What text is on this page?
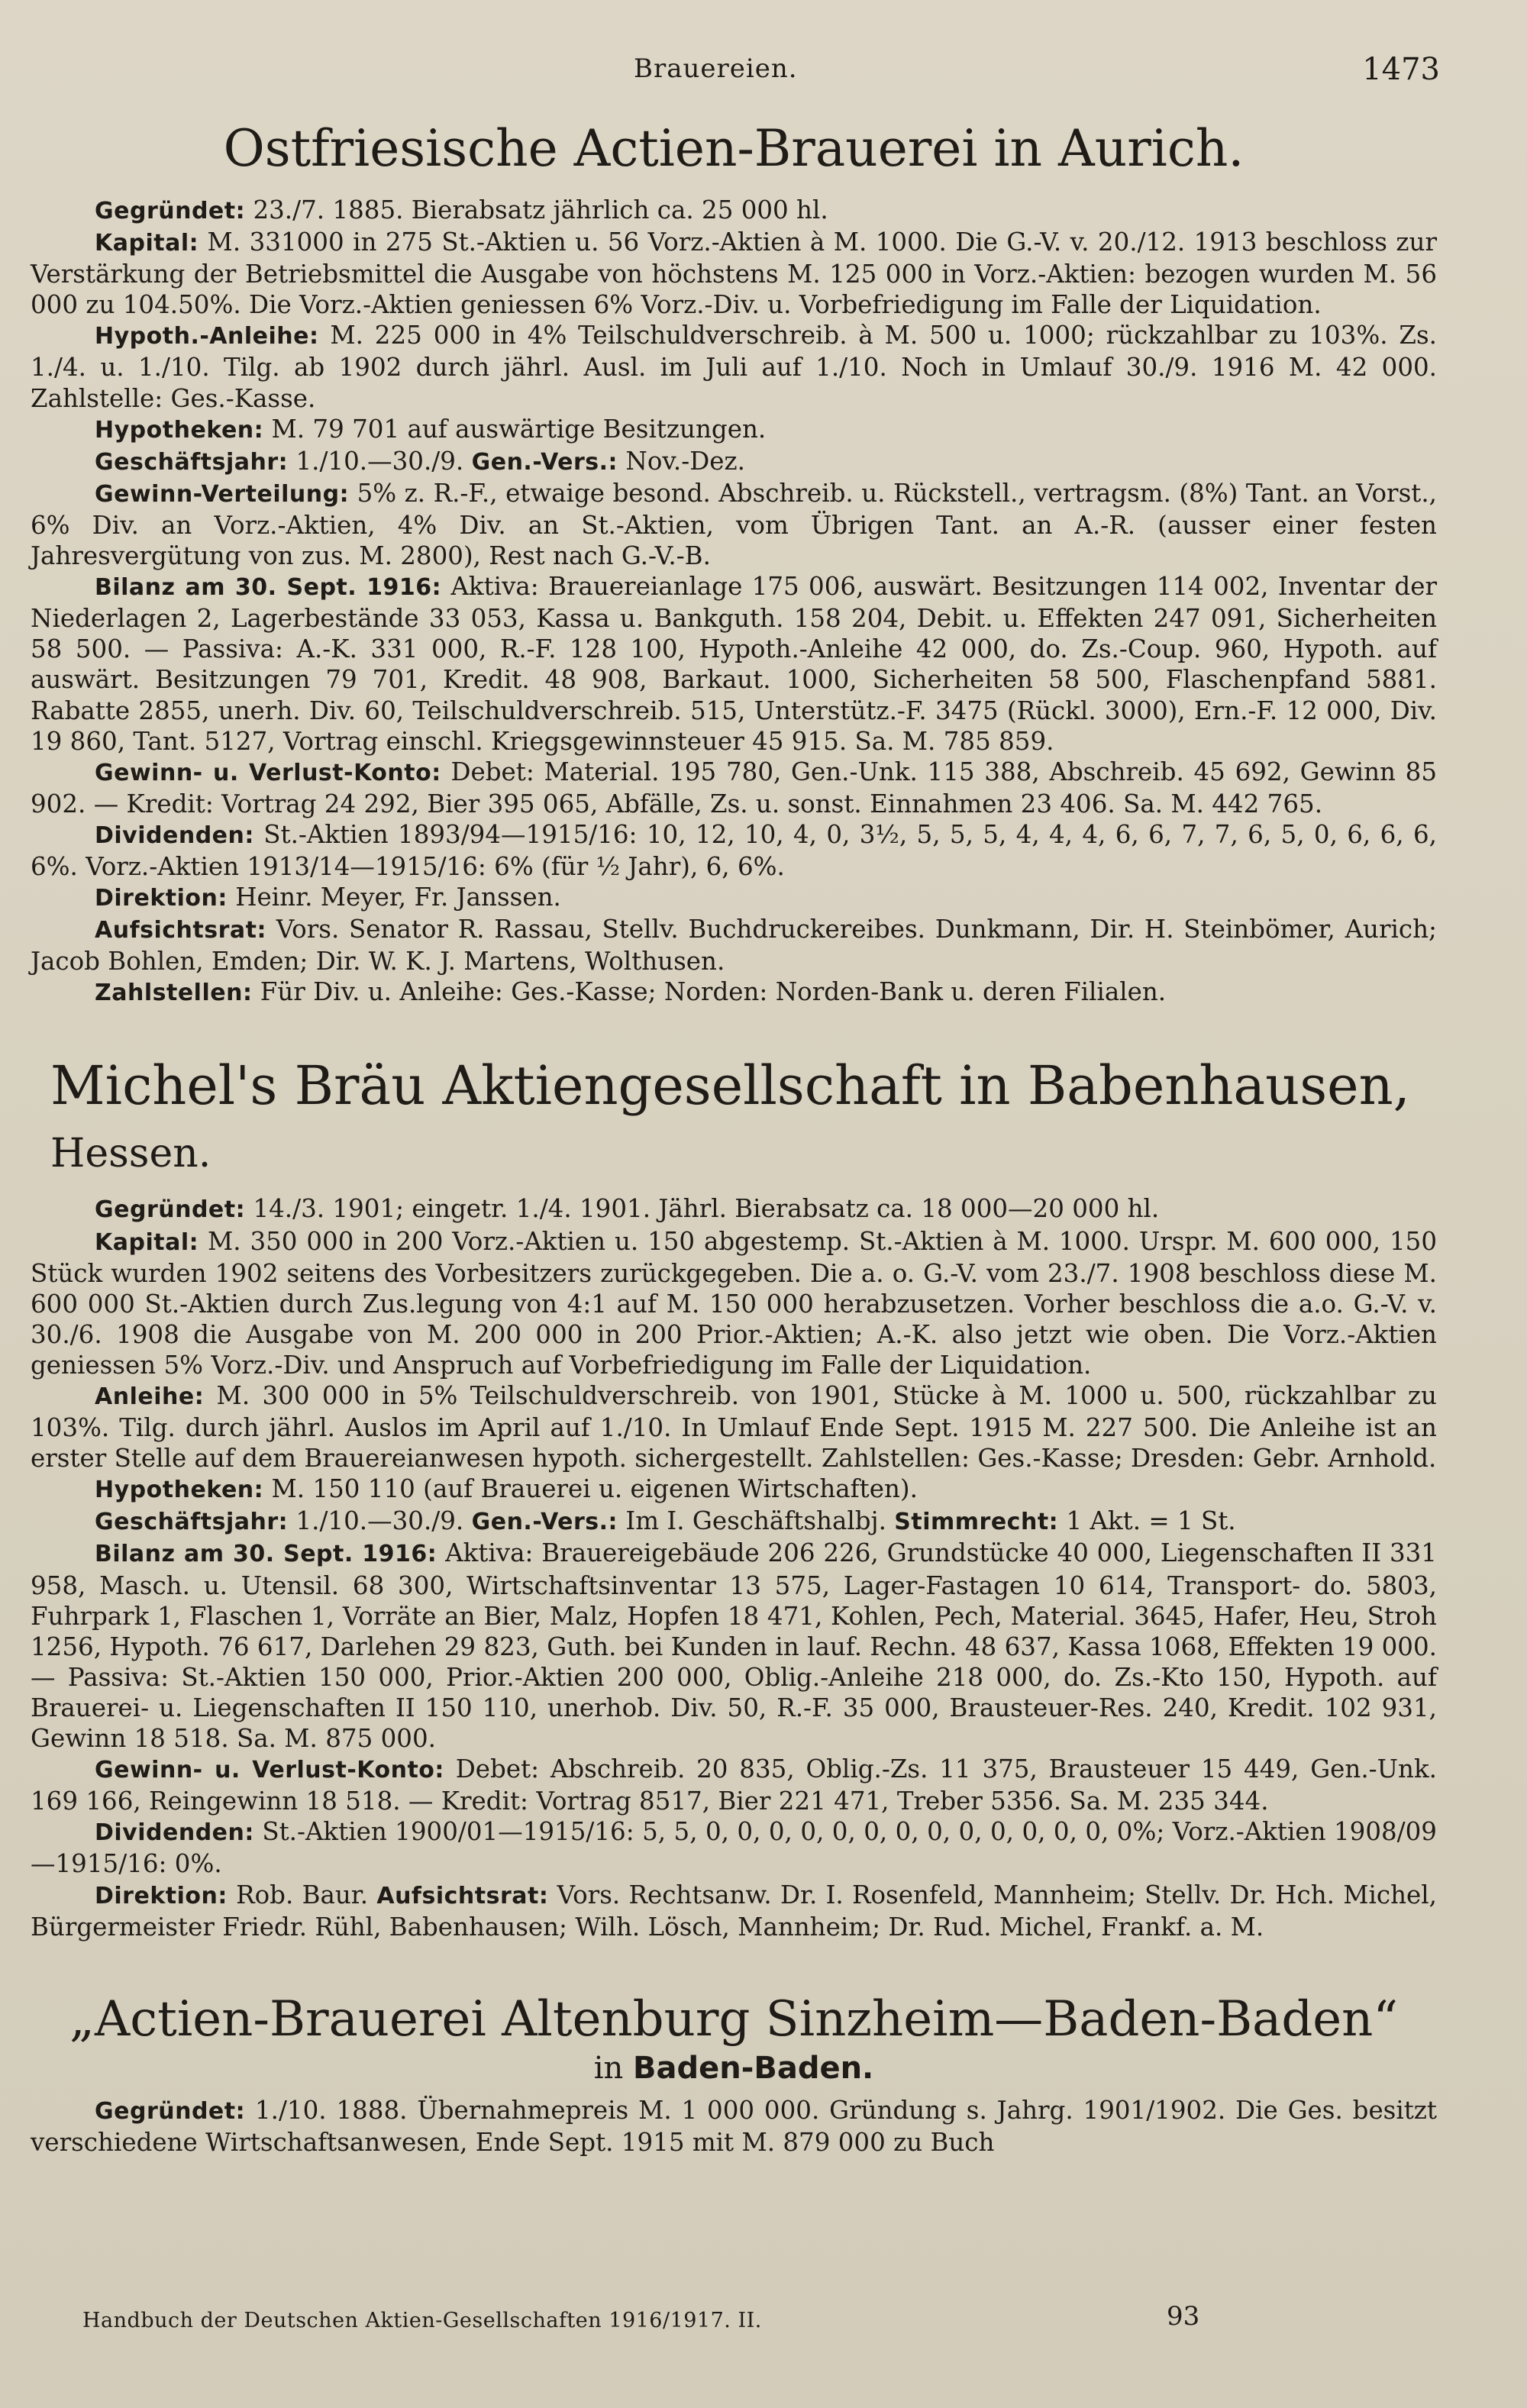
Brauereien.	1473
Ostfriesische Actien-Brauerei in Aurich.

Gegründet: 23./7. 1885. Bierabsatz jährlich ca. 25 000 hl.

Kapital: M. 331000 in 275 St.-Aktien u. 56 Vorz.-Aktien à M. 1000. Die G.-V. v. 20./12. 1913 beschloss zur Verstärkung der Betriebsmittel die Ausgabe von höchstens M. 125 000 in Vorz.-Aktien: bezogen wurden M. 56 000 zu 104.50%. Die Vorz.-Aktien geniessen 6% Vorz.-Div. u. Vorbefriedigung im Falle der Liquidation.

Hypoth.-Anleihe: M. 225 000 in 4% Teilschuldverschreib. à M. 500 u. 1000; rückzahlbar zu 103%. Zs. 1./4. u. 1./10. Tilg. ab 1902 durch jährl. Ausl. im Juli auf 1./10. Noch in Umlauf 30./9. 1916 M. 42 000. Zahlstelle: Ges.-Kasse.

Hypotheken: M. 79 701 auf auswärtige Besitzungen.

Geschäftsjahr: 1./10.—30./9. Gen.-Vers.: Nov.-Dez.

Gewinn-Verteilung: 5% z. R.-F., etwaige besond. Abschreib. u. Rückstell., vertragsm. (8%) Tant. an Vorst., 6% Div. an Vorz.-Aktien, 4% Div. an St.-Aktien, vom Übrigen Tant. an A.-R. (ausser einer festen Jahresvergütung von zus. M. 2800), Rest nach G.-V.-B.

Bilanz am 30. Sept. 1916: Aktiva: Brauereianlage 175 006, auswärt. Besitzungen 114 002, Inventar der Niederlagen 2, Lagerbestände 33 053, Kassa u. Bankguth. 158 204, Debit. u. Effekten 247 091, Sicherheiten 58 500. — Passiva: A.-K. 331 000, R.-F. 128 100, Hypoth.-Anleihe 42 000, do. Zs.-Coup. 960, Hypoth. auf auswärt. Besitzungen 79 701, Kredit. 48 908, Barkaut. 1000, Sicherheiten 58 500, Flaschenpfand 5881. Rabatte 2855, unerh. Div. 60, Teilschuldverschreib. 515, Unterstütz.-F. 3475 (Rückl. 3000), Ern.-F. 12 000, Div. 19 860, Tant. 5127, Vortrag einschl. Kriegsgewinnsteuer 45 915. Sa. M. 785 859.

Gewinn- u. Verlust-Konto: Debet: Material. 195 780, Gen.-Unk. 115 388, Abschreib. 45 692, Gewinn 85 902. — Kredit: Vortrag 24 292, Bier 395 065, Abfälle, Zs. u. sonst. Einnahmen 23 406. Sa. M. 442 765.

Dividenden: St.-Aktien 1893/94—1915/16: 10, 12, 10, 4, 0, 3½, 5, 5, 5, 4, 4, 4, 6, 6, 7, 7, 6, 5, 0, 6, 6, 6, 6%. Vorz.-Aktien 1913/14—1915/16: 6% (für ½ Jahr), 6, 6%.

Direktion: Heinr. Meyer, Fr. Janssen.

Aufsichtsrat: Vors. Senator R. Rassau, Stellv. Buchdruckereibes. Dunkmann, Dir. H. Steinbömer, Aurich; Jacob Bohlen, Emden; Dir. W. K. J. Martens, Wolthusen.

Zahlstellen: Für Div. u. Anleihe: Ges.-Kasse; Norden: Norden-Bank u. deren Filialen.

Michel's Bräu Aktiengesellschaft in Babenhausen, Hessen.

Gegründet: 14./3. 1901; eingetr. 1./4. 1901. Jährl. Bierabsatz ca. 18 000—20 000 hl.

Kapital: M. 350 000 in 200 Vorz.-Aktien u. 150 abgestemp. St.-Aktien à M. 1000. Urspr. M. 600 000, 150 Stück wurden 1902 seitens des Vorbesitzers zurückgegeben. Die a. o. G.-V. vom 23./7. 1908 beschloss diese M. 600 000 St.-Aktien durch Zus.legung von 4:1 auf M. 150 000 herabzusetzen. Vorher beschloss die a.o. G.-V. v. 30./6. 1908 die Ausgabe von M. 200 000 in 200 Prior.-Aktien; A.-K. also jetzt wie oben. Die Vorz.-Aktien geniessen 5% Vorz.-Div. und Anspruch auf Vorbefriedigung im Falle der Liquidation.

Anleihe: M. 300 000 in 5% Teilschuldverschreib. von 1901, Stücke à M. 1000 u. 500, rückzahlbar zu 103%. Tilg. durch jährl. Auslos im April auf 1./10. In Umlauf Ende Sept. 1915 M. 227 500. Die Anleihe ist an erster Stelle auf dem Brauereianwesen hypoth. sichergestellt. Zahlstellen: Ges.-Kasse; Dresden: Gebr. Arnhold.

Hypotheken: M. 150 110 (auf Brauerei u. eigenen Wirtschaften).

Geschäftsjahr: 1./10.—30./9. Gen.-Vers.: Im I. Geschäftshalbj. Stimmrecht: 1 Akt. = 1 St.

Bilanz am 30. Sept. 1916: Aktiva: Brauereigebäude 206 226, Grundstücke 40 000, Liegenschaften II 331 958, Masch. u. Utensil. 68 300, Wirtschaftsinventar 13 575, Lager-Fastagen 10 614, Transport- do. 5803, Fuhrpark 1, Flaschen 1, Vorräte an Bier, Malz, Hopfen 18 471, Kohlen, Pech, Material. 3645, Hafer, Heu, Stroh 1256, Hypoth. 76 617, Darlehen 29 823, Guth. bei Kunden in lauf. Rechn. 48 637, Kassa 1068, Effekten 19 000. — Passiva: St.-Aktien 150 000, Prior.-Aktien 200 000, Oblig.-Anleihe 218 000, do. Zs.-Kto 150, Hypoth. auf Brauerei- u. Liegenschaften II 150 110, unerhob. Div. 50, R.-F. 35 000, Brausteuer-Res. 240, Kredit. 102 931, Gewinn 18 518. Sa. M. 875 000.

Gewinn- u. Verlust-Konto: Debet: Abschreib. 20 835, Oblig.-Zs. 11 375, Brausteuer 15 449, Gen.-Unk. 169 166, Reingewinn 18 518. — Kredit: Vortrag 8517, Bier 221 471, Treber 5356. Sa. M. 235 344.

Dividenden: St.-Aktien 1900/01—1915/16: 5, 5, 0, 0, 0, 0, 0, 0, 0, 0, 0, 0, 0, 0, 0, 0%; Vorz.-Aktien 1908/09—1915/16: 0%.

Direktion: Rob. Baur. Aufsichtsrat: Vors. Rechtsanw. Dr. I. Rosenfeld, Mannheim; Stellv. Dr. Hch. Michel, Bürgermeister Friedr. Rühl, Babenhausen; Wilh. Lösch, Mannheim; Dr. Rud. Michel, Frankf. a. M.

„Actien-Brauerei Altenburg Sinzheim—Baden-Baden“
in Baden-Baden.

Gegründet: 1./10. 1888. Übernahmepreis M. 1 000 000. Gründung s. Jahrg. 1901/1902. Die Ges. besitzt verschiedene Wirtschaftsanwesen, Ende Sept. 1915 mit M. 879 000 zu Buch

Handbuch der Deutschen Aktien-Gesellschaften 1916/1917. II.	93
